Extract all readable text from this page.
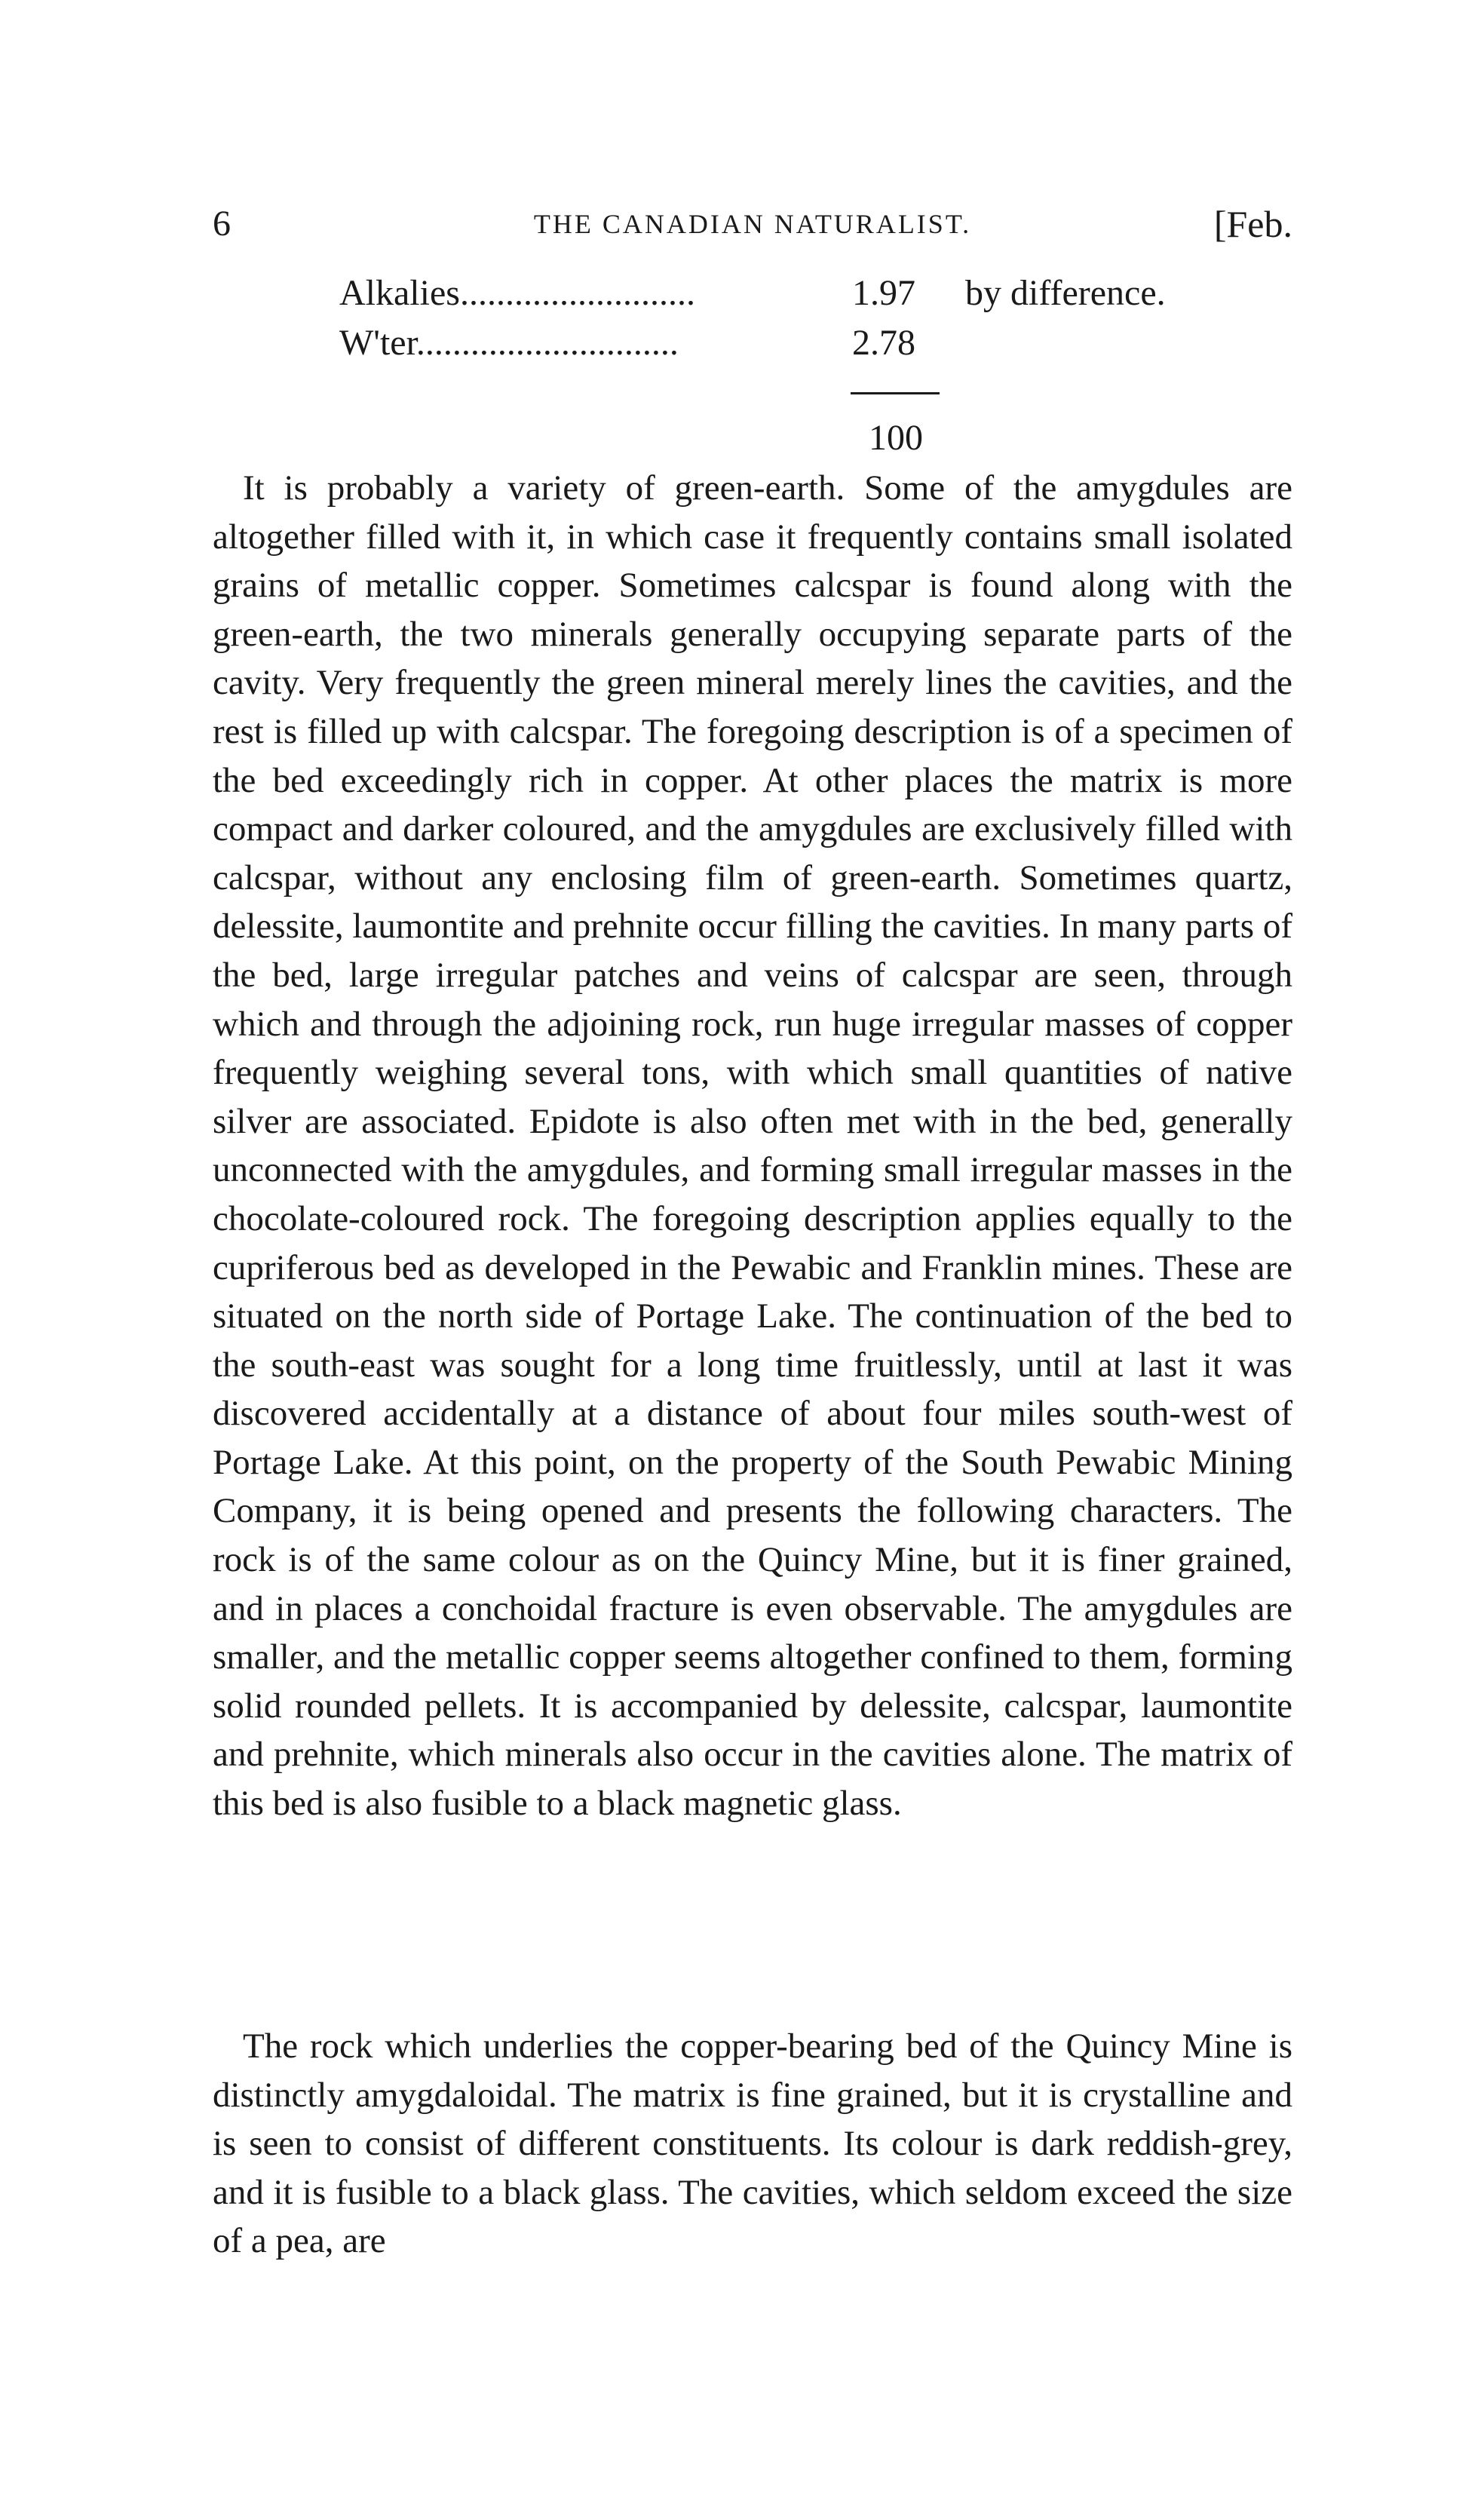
6	THE CANADIAN NATURALIST.	[Feb.
Alkalies..........................	1.97 by difference.
W'ter.............................	2.78
100

It is probably a variety of green-earth. Some of the amygdules are altogether filled with it, in which case it frequently contains small isolated grains of metallic copper. Sometimes calcspar is found along with the green-earth, the two minerals generally occupying separate parts of the cavity. Very frequently the green mineral merely lines the cavities, and the rest is filled up with calcspar. The foregoing description is of a specimen of the bed exceedingly rich in copper. At other places the matrix is more compact and darker coloured, and the amygdules are exclusively filled with calcspar, without any enclosing film of green-earth. Sometimes quartz, delessite, laumontite and prehnite occur filling the cavities. In many parts of the bed, large irregular patches and veins of calcspar are seen, through which and through the adjoining rock, run huge irregular masses of copper frequently weighing several tons, with which small quantities of native silver are associated. Epidote is also often met with in the bed, generally unconnected with the amygdules, and forming small irregular masses in the chocolate-coloured rock. The foregoing description applies equally to the cupriferous bed as developed in the Pewabic and Franklin mines. These are situated on the north side of Portage Lake. The continuation of the bed to the south-east was sought for a long time fruitlessly, until at last it was discovered accidentally at a distance of about four miles south-west of Portage Lake. At this point, on the property of the South Pewabic Mining Company, it is being opened and presents the following characters. The rock is of the same colour as on the Quincy Mine, but it is finer grained, and in places a conchoidal fracture is even observable. The amygdules are smaller, and the metallic copper seems altogether confined to them, forming solid rounded pellets. It is accompanied by delessite, calcspar, laumontite and prehnite, which minerals also occur in the cavities alone. The matrix of this bed is also fusible to a black magnetic glass.

The rock which underlies the copper-bearing bed of the Quincy Mine is distinctly amygdaloidal. The matrix is fine grained, but it is crystalline and is seen to consist of different constituents. Its colour is dark reddish-grey, and it is fusible to a black glass. The cavities, which seldom exceed the size of a pea, are
